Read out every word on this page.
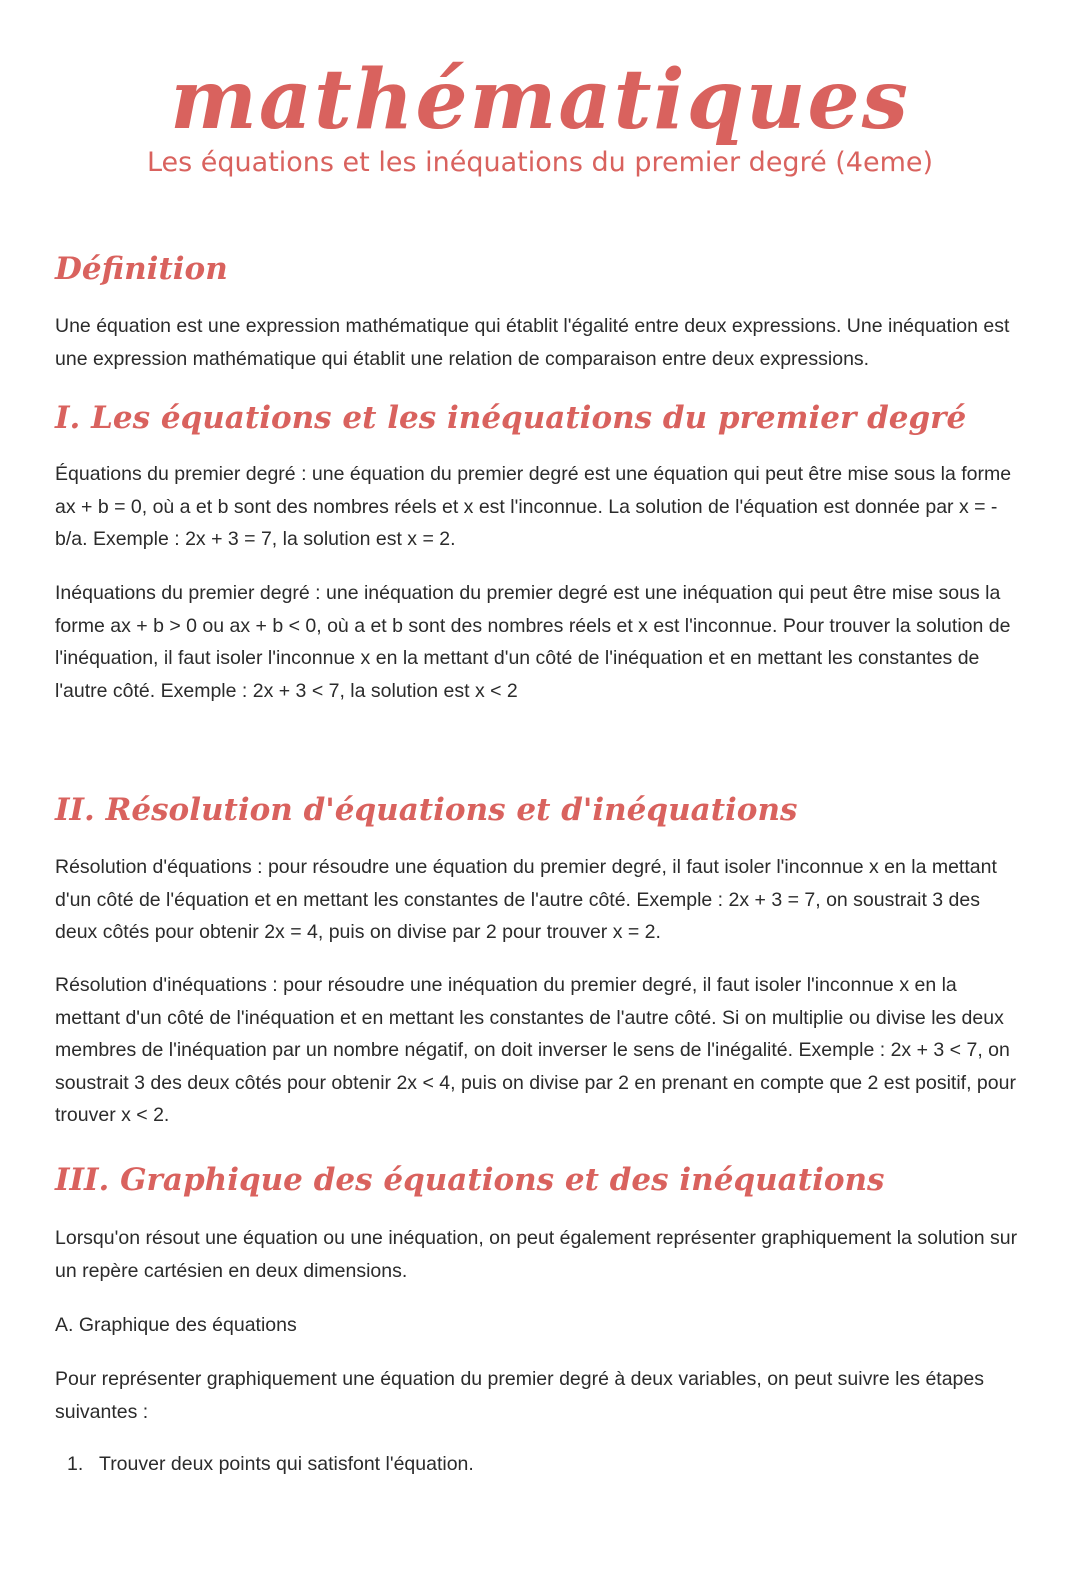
mathématiques
Les équations et les inéquations du premier degré (4eme)
Définition

Une équation est une expression mathématique qui établit l'égalité entre deux expressions. Une inéquation est une expression mathématique qui établit une relation de comparaison entre deux expressions.

I. Les équations et les inéquations du premier degré

Équations du premier degré : une équation du premier degré est une équation qui peut être mise sous la forme ax + b = 0, où a et b sont des nombres réels et x est l'inconnue. La solution de l'équation est donnée par x = -b/a. Exemple : 2x + 3 = 7, la solution est x = 2.

Inéquations du premier degré : une inéquation du premier degré est une inéquation qui peut être mise sous la forme ax + b > 0 ou ax + b < 0, où a et b sont des nombres réels et x est l'inconnue. Pour trouver la solution de l'inéquation, il faut isoler l'inconnue x en la mettant d'un côté de l'inéquation et en mettant les constantes de l'autre côté. Exemple : 2x + 3 < 7, la solution est x < 2

II. Résolution d'équations et d'inéquations

Résolution d'équations : pour résoudre une équation du premier degré, il faut isoler l'inconnue x en la mettant d'un côté de l'équation et en mettant les constantes de l'autre côté. Exemple : 2x + 3 = 7, on soustrait 3 des deux côtés pour obtenir 2x = 4, puis on divise par 2 pour trouver x = 2.

Résolution d'inéquations : pour résoudre une inéquation du premier degré, il faut isoler l'inconnue x en la mettant d'un côté de l'inéquation et en mettant les constantes de l'autre côté. Si on multiplie ou divise les deux membres de l'inéquation par un nombre négatif, on doit inverser le sens de l'inégalité. Exemple : 2x + 3 < 7, on soustrait 3 des deux côtés pour obtenir 2x < 4, puis on divise par 2 en prenant en compte que 2 est positif, pour trouver x < 2.

III. Graphique des équations et des inéquations

Lorsqu'on résout une équation ou une inéquation, on peut également représenter graphiquement la solution sur un repère cartésien en deux dimensions.

A. Graphique des équations

Pour représenter graphiquement une équation du premier degré à deux variables, on peut suivre les étapes suivantes :

1. Trouver deux points qui satisfont l'équation.
